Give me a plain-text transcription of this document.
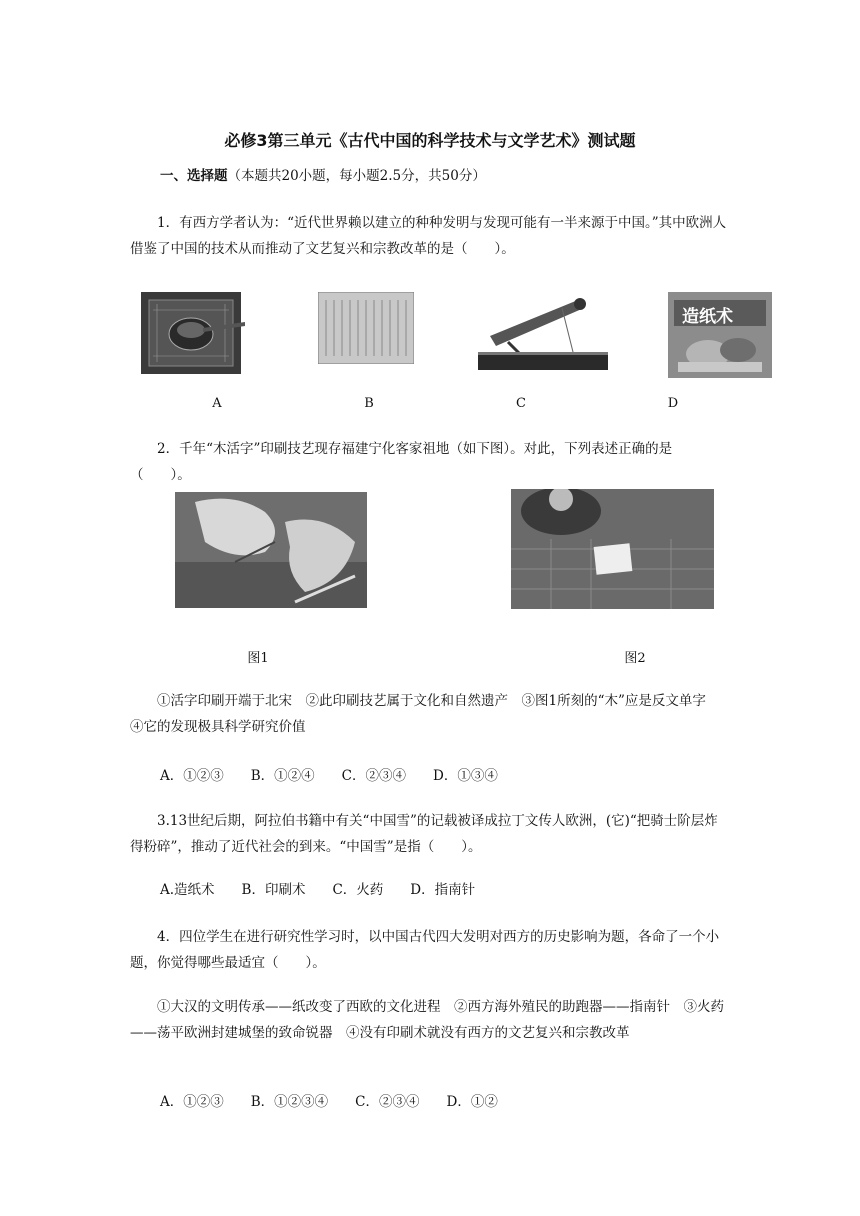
必修3第三单元《古代中国的科学技术与文学艺术》测试题
一、选择题（本题共20小题，每小题2.5分，共50分）

1．有西方学者认为：“近代世界赖以建立的种种发明与发现可能有一半来源于中国。”其中欧洲人借鉴了中国的技术从而推动了文艺复兴和宗教改革的是（　　）。

造纸术
A	B	C	D

2．千年“木活字”印刷技艺现存福建宁化客家祖地（如下图）。对此，下列表述正确的是（　　）。

图1	图2

①活字印刷开端于北宋　②此印刷技艺属于文化和自然遗产　③图1所刻的“木”应是反文单字　④它的发现极具科学研究价值

A．①②③　　B．①②④　　C．②③④　　D．①③④

3.13世纪后期，阿拉伯书籍中有关“中国雪”的记载被译成拉丁文传人欧洲，(它)“把骑士阶层炸得粉碎”，推动了近代社会的到来。“中国雪”是指（　　）。

A.造纸术　　B．印刷术　　C．火药　　D．指南针

4．四位学生在进行研究性学习时，以中国古代四大发明对西方的历史影响为题，各命了一个小题，你觉得哪些最适宜（　　）。

①大汉的文明传承——纸改变了西欧的文化进程　②西方海外殖民的助跑器——指南针　③火药——荡平欧洲封建城堡的致命锐器　④没有印刷术就没有西方的文艺复兴和宗教改革

A．①②③　　B．①②③④　　C．②③④　　D．①②
